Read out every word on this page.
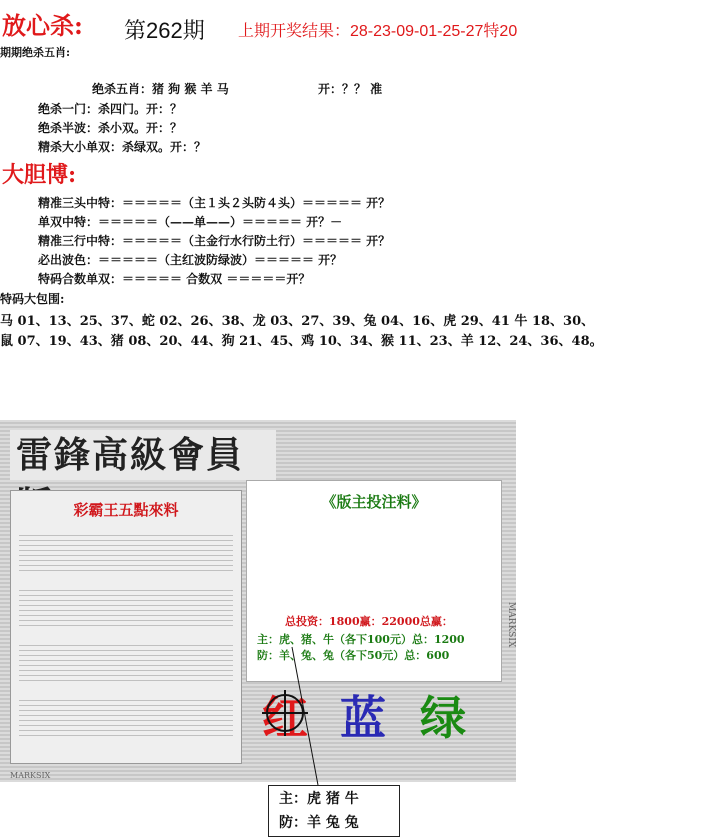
放心杀: 第262期 上期开奖结果：28-23-09-01-25-27特20
期期绝杀五肖:
绝杀五肖：猪 狗 猴 羊 马	开：？？ 准
绝杀一门：杀四门。开：？
绝杀半波：杀小双。开：？
精杀大小单双：杀绿双。开：？
大胆博:
精准三头中特：＝＝＝＝＝（主１头２头防４头）＝＝＝＝＝ 开？
单双中特：＝＝＝＝＝（——单——）＝＝＝＝＝ 开？－
精准三行中特：＝＝＝＝＝（主金行水行防土行）＝＝＝＝＝ 开？
必出波色：＝＝＝＝＝（主红波防绿波）＝＝＝＝＝ 开？
特码合数单双：＝＝＝＝＝ 合数双 ＝＝＝＝＝开？
特码大包围:
马 01、13、25、37、蛇 02、26、38、龙 03、27、39、兔 04、16、虎 29、41 牛 18、30、
鼠 07、19、43、猪 08、20、44、狗 21、45、鸡 10、34、猴 11、23、羊 12、24、36、48。
雷鋒高級會員
彩霸王五點來料	《版主投注料》
总投资：1800赢：22000总赢：
主：虎、猪、牛（各下100元）总：1200
防：羊、兔、兔（各下50元）总：600
红 蓝 绿
MARKSIX
MARKSIX
主：虎 猪 牛
防：羊 兔 兔
